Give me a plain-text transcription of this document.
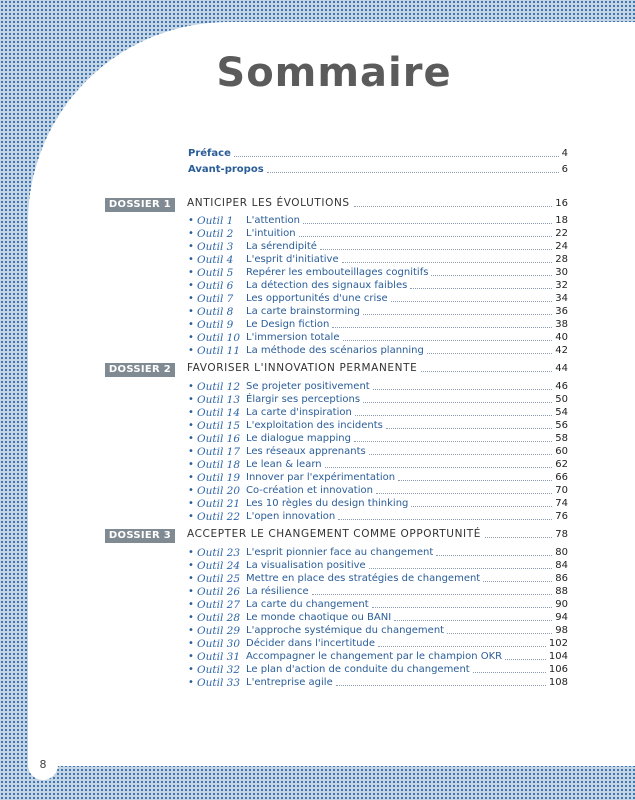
Sommaire
Préface	4
Avant-propos	6
DOSSIER 1	ANTICIPER LES ÉVOLUTIONS	16
• Outil 1	L'attention	18
• Outil 2	L'intuition	22
• Outil 3	La sérendipité	24
• Outil 4	L'esprit d'initiative	28
• Outil 5	Repérer les embouteillages cognitifs	30
• Outil 6	La détection des signaux faibles	32
• Outil 7	Les opportunités d'une crise	34
• Outil 8	La carte brainstorming	36
• Outil 9	Le Design fiction	38
• Outil 10 L'immersion totale	40
• Outil 11 La méthode des scénarios planning	42
DOSSIER 2	FAVORISER L'INNOVATION PERMANENTE	44
• Outil 12 Se projeter positivement	46
• Outil 13 Élargir ses perceptions	50
• Outil 14 La carte d'inspiration	54
• Outil 15 L'exploitation des incidents	56
• Outil 16 Le dialogue mapping	58
• Outil 17 Les réseaux apprenants	60
• Outil 18 Le lean & learn	62
• Outil 19 Innover par l'expérimentation	66
• Outil 20 Co-création et innovation	70
• Outil 21 Les 10 règles du design thinking	74
• Outil 22 L'open innovation	76
DOSSIER 3	ACCEPTER LE CHANGEMENT COMME OPPORTUNITÉ	78
• Outil 23 L'esprit pionnier face au changement	80
• Outil 24 La visualisation positive	84
• Outil 25 Mettre en place des stratégies de changement	86
• Outil 26 La résilience	88
• Outil 27 La carte du changement	90
• Outil 28 Le monde chaotique ou BANI	94
• Outil 29 L'approche systémique du changement	98
• Outil 30 Décider dans l'incertitude	102
• Outil 31 Accompagner le changement par le champion OKR	104
• Outil 32 Le plan d'action de conduite du changement	106
• Outil 33 L'entreprise agile	108
8
